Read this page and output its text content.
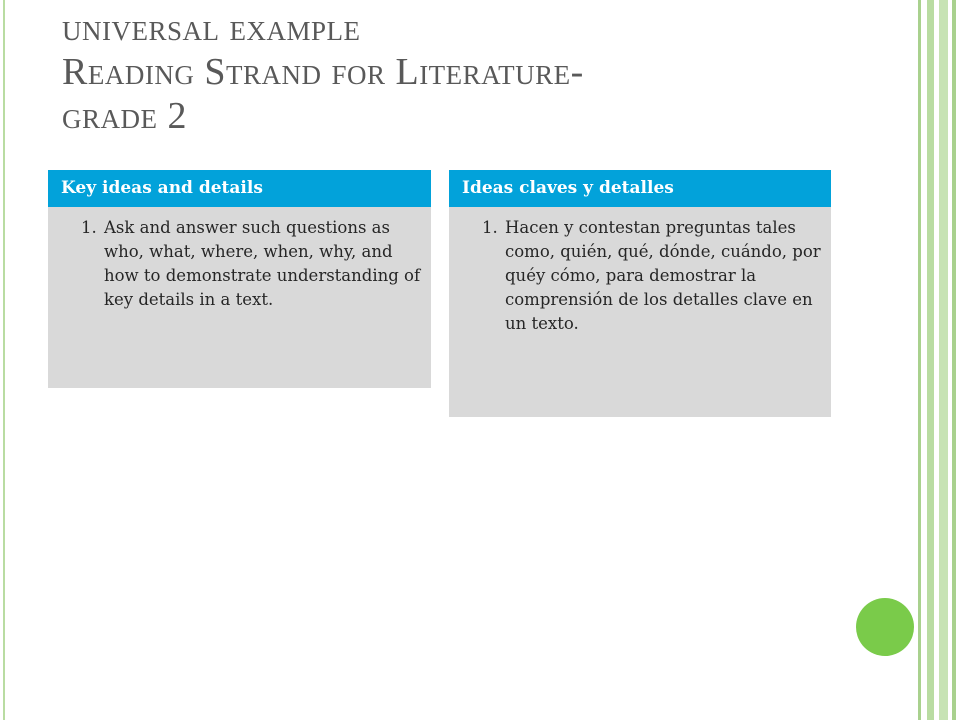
universal example
Reading Strand for Literature-
grade 2
Key ideas and details
1. Ask and answer such questions as who, what, where, when, why, and how to demonstrate understanding of key details in a text.
Ideas claves y detalles
1. Hacen y contestan preguntas tales como, quién, qué, dónde, cuándo, por quéy cómo, para demostrar la comprensión de los detalles clave en un texto.
